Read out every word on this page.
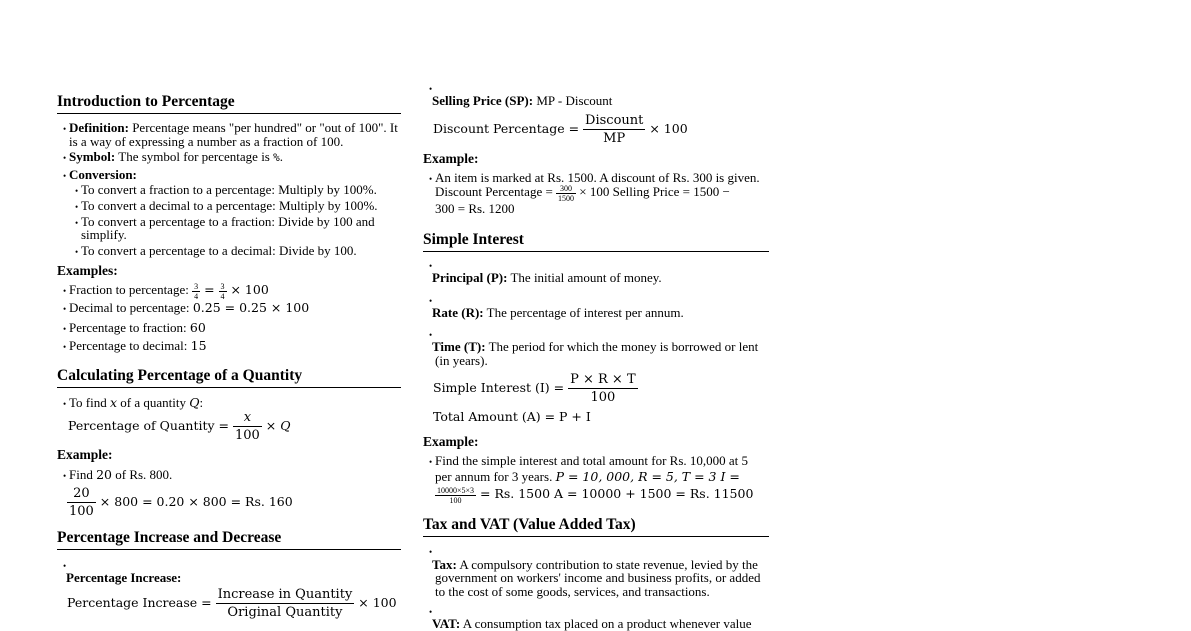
Introduction to Percentage
• Definition: Percentage means "per hundred" or "out of 100". It
is a way of expressing a number as a fraction of 100.
• Symbol: The symbol for percentage is %.
• Conversion:
• To convert a fraction to a percentage: Multiply by 100%.
• To convert a decimal to a percentage: Multiply by 100%.
• To convert a percentage to a fraction: Divide by 100 and
simplify.
• To convert a percentage to a decimal: Divide by 100.
Examples:
• Fraction to percentage: $\frac{3}{4} = \frac{3}{4} \times 100$
• Decimal to percentage: 0.25 = 0.25 × 100
• Percentage to fraction: 60
• Percentage to decimal: 15
Calculating Percentage of a Quantity
• To find x of a quantity Q:
Percentage of Quantity = $\frac{x}{100} \times Q$
Example:
• Find 20 of Rs. 800.
$\frac{20}{100} \times 800 = 0.20 \times 800 = Rs$. 160
Percentage Increase and Decrease
•
Percentage Increase:
Percentage Increase = $\frac{\text{Increase in Quantity}}{\text{Original Quantity}} \times 100$
•
Selling Price (SP): MP - Discount
Discount Percentage = $\frac{\text{Discount}}{MP} \times 100$
Example:
• An item is marked at Rs. 1500. A discount of Rs. 300 is given.
Discount Percentage = $\frac{300}{1500} \times 100$ Selling Price = 1500 −
300 = Rs. 1200
Simple Interest
•
Principal (P): The initial amount of money.
•
Rate (R): The percentage of interest per annum.
•
Time (T): The period for which the money is borrowed or lent
(in years).
Simple Interest $(I) = \frac{P \times R \times T}{100}$
Total Amount (A) = P + I
Example:
• Find the simple interest and total amount for Rs. 10,000 at 5
per annum for 3 years. P = 10, 000, R = 5, T = 3 I =
$\frac{10000\times 5\times 3}{100} = Rs$. 1500 A = 10000 + 1500 = Rs. 11500
Tax and VAT (Value Added Tax)
•
Tax: A compulsory contribution to state revenue, levied by the
government on workers' income and business profits, or added
to the cost of some goods, services, and transactions.
•
VAT: A consumption tax placed on a product whenever value
